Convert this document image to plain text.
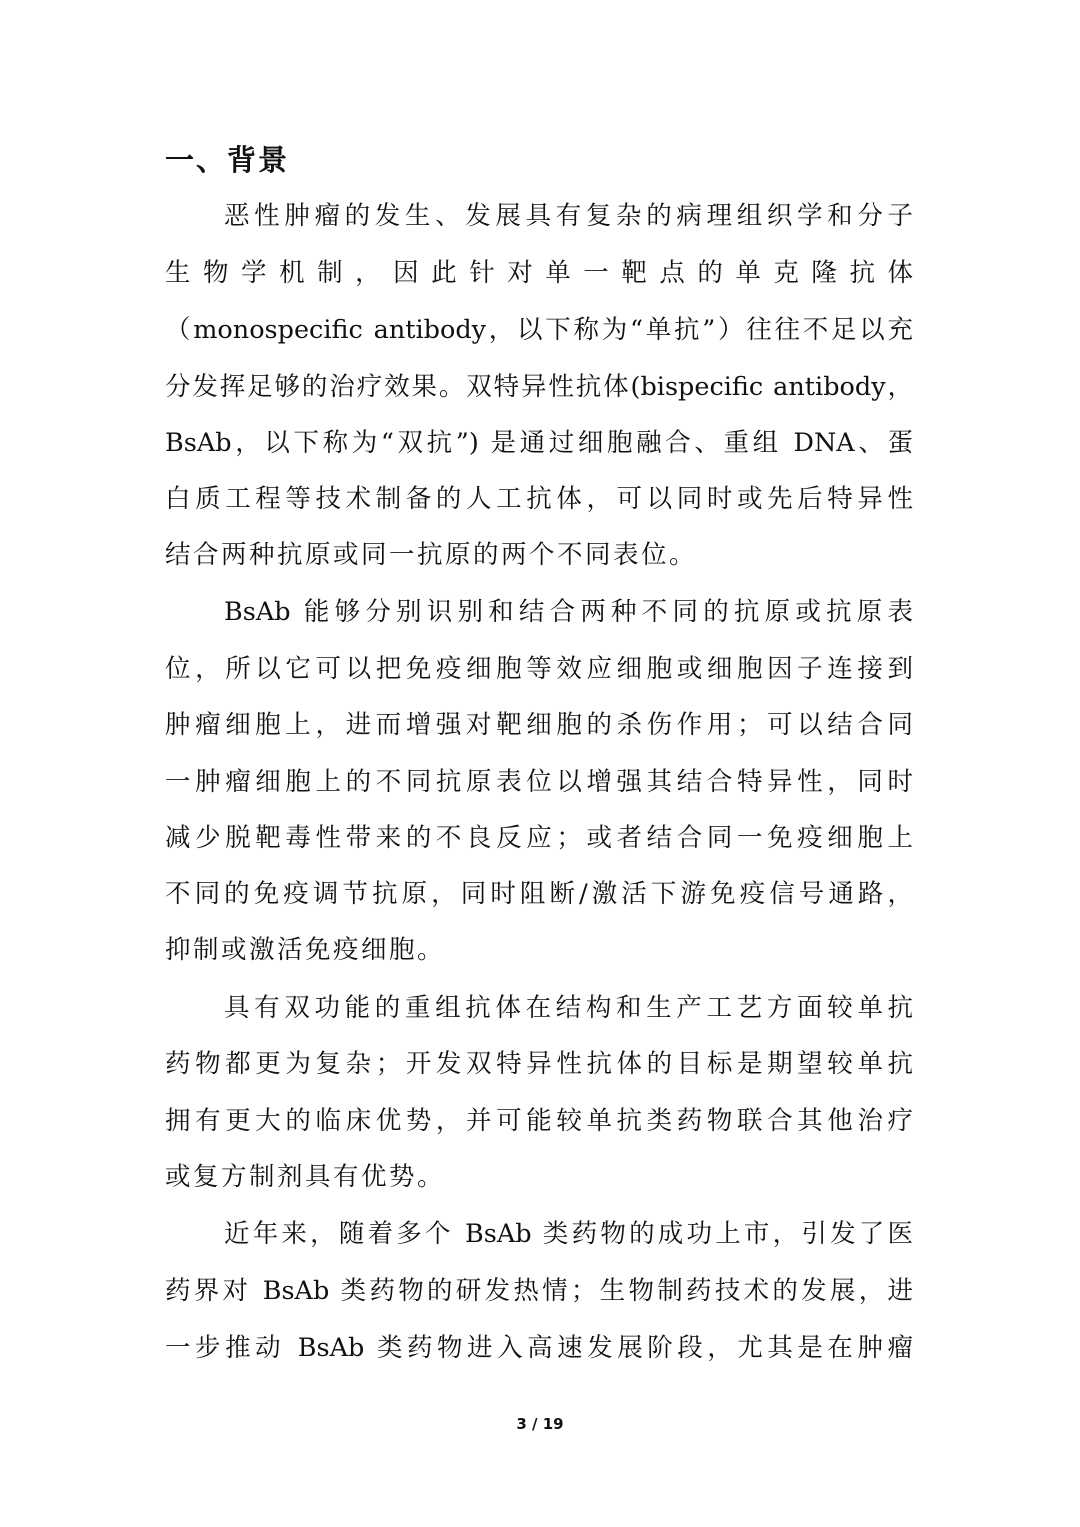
一、背景
恶性肿瘤的发生、发展具有复杂的病理组织学和分子
生物学机制，因此针对单一靶点的单克隆抗体
（monospecific antibody，以下称为“单抗”）往往不足以充
分发挥足够的治疗效果。双特异性抗体(bispecific antibody，
BsAb，以下称为“双抗”) 是通过细胞融合、重组 DNA、蛋
白质工程等技术制备的人工抗体，可以同时或先后特异性
结合两种抗原或同一抗原的两个不同表位。
BsAb 能够分别识别和结合两种不同的抗原或抗原表
位，所以它可以把免疫细胞等效应细胞或细胞因子连接到
肿瘤细胞上，进而增强对靶细胞的杀伤作用；可以结合同
一肿瘤细胞上的不同抗原表位以增强其结合特异性，同时
减少脱靶毒性带来的不良反应；或者结合同一免疫细胞上
不同的免疫调节抗原，同时阻断/激活下游免疫信号通路，
抑制或激活免疫细胞。
具有双功能的重组抗体在结构和生产工艺方面较单抗
药物都更为复杂；开发双特异性抗体的目标是期望较单抗
拥有更大的临床优势，并可能较单抗类药物联合其他治疗
或复方制剂具有优势。
近年来，随着多个 BsAb 类药物的成功上市，引发了医
药界对 BsAb 类药物的研发热情；生物制药技术的发展，进
一步推动 BsAb 类药物进入高速发展阶段，尤其是在肿瘤
3 / 19
